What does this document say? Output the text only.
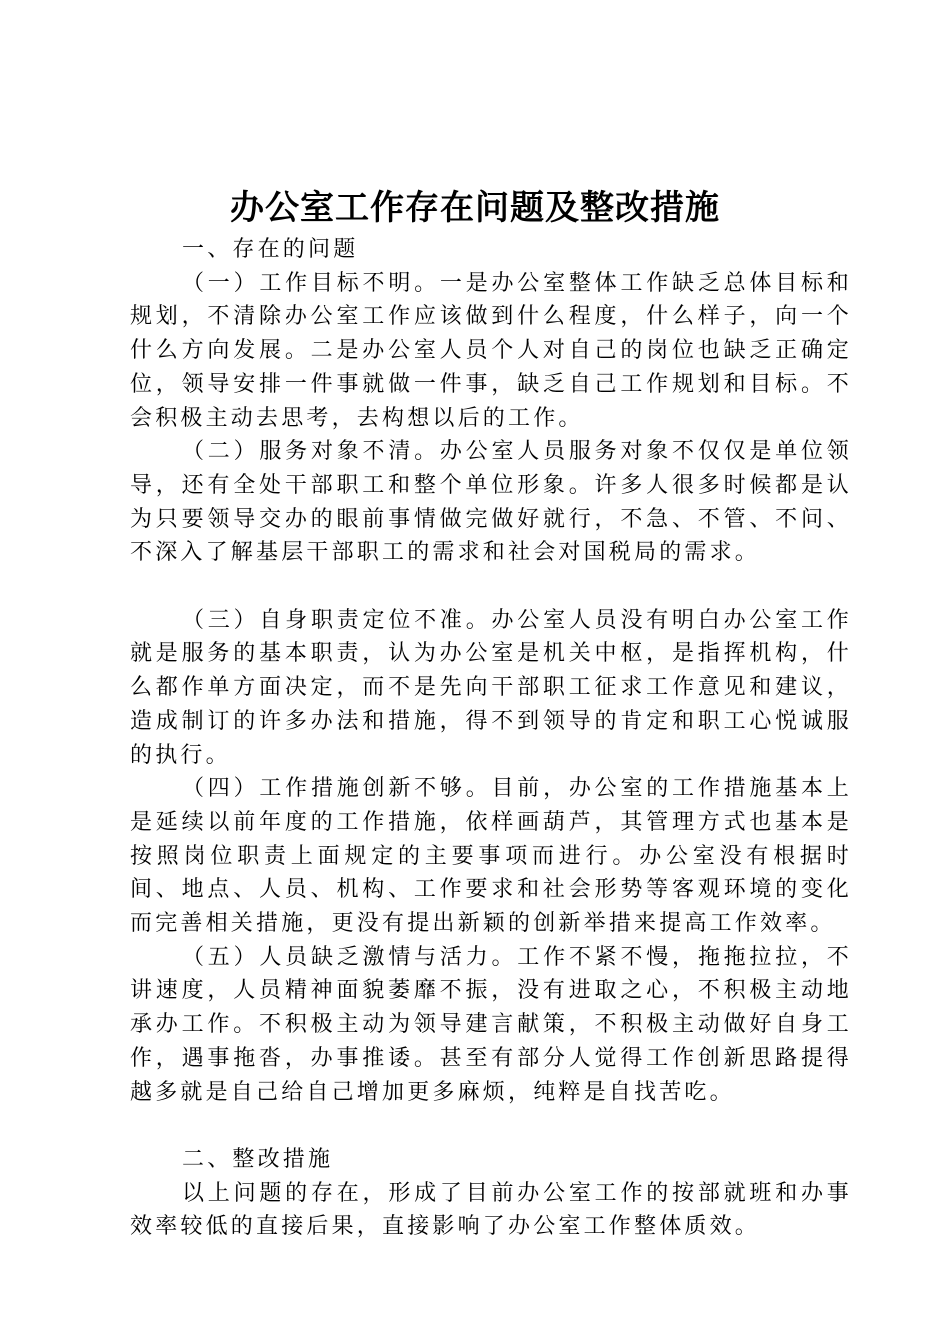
办公室工作存在问题及整改措施

一、存在的问题

（一）工作目标不明。一是办公室整体工作缺乏总体目标和规划，不清除办公室工作应该做到什么程度，什么样子，向一个什么方向发展。二是办公室人员个人对自己的岗位也缺乏正确定位，领导安排一件事就做一件事，缺乏自己工作规划和目标。不会积极主动去思考，去构想以后的工作。

（二）服务对象不清。办公室人员服务对象不仅仅是单位领导，还有全处干部职工和整个单位形象。许多人很多时候都是认为只要领导交办的眼前事情做完做好就行，不急、不管、不问、不深入了解基层干部职工的需求和社会对国税局的需求。

（三）自身职责定位不准。办公室人员没有明白办公室工作就是服务的基本职责，认为办公室是机关中枢，是指挥机构，什么都作单方面决定，而不是先向干部职工征求工作意见和建议，造成制订的许多办法和措施，得不到领导的肯定和职工心悦诚服的执行。

（四）工作措施创新不够。目前，办公室的工作措施基本上是延续以前年度的工作措施，依样画葫芦，其管理方式也基本是按照岗位职责上面规定的主要事项而进行。办公室没有根据时间、地点、人员、机构、工作要求和社会形势等客观环境的变化而完善相关措施，更没有提出新颖的创新举措来提高工作效率。

（五）人员缺乏激情与活力。工作不紧不慢，拖拖拉拉，不讲速度，人员精神面貌萎靡不振，没有进取之心，不积极主动地承办工作。不积极主动为领导建言献策，不积极主动做好自身工作，遇事拖沓，办事推诿。甚至有部分人觉得工作创新思路提得越多就是自己给自己增加更多麻烦，纯粹是自找苦吃。

二、整改措施

以上问题的存在，形成了目前办公室工作的按部就班和办事效率较低的直接后果，直接影响了办公室工作整体质效。
